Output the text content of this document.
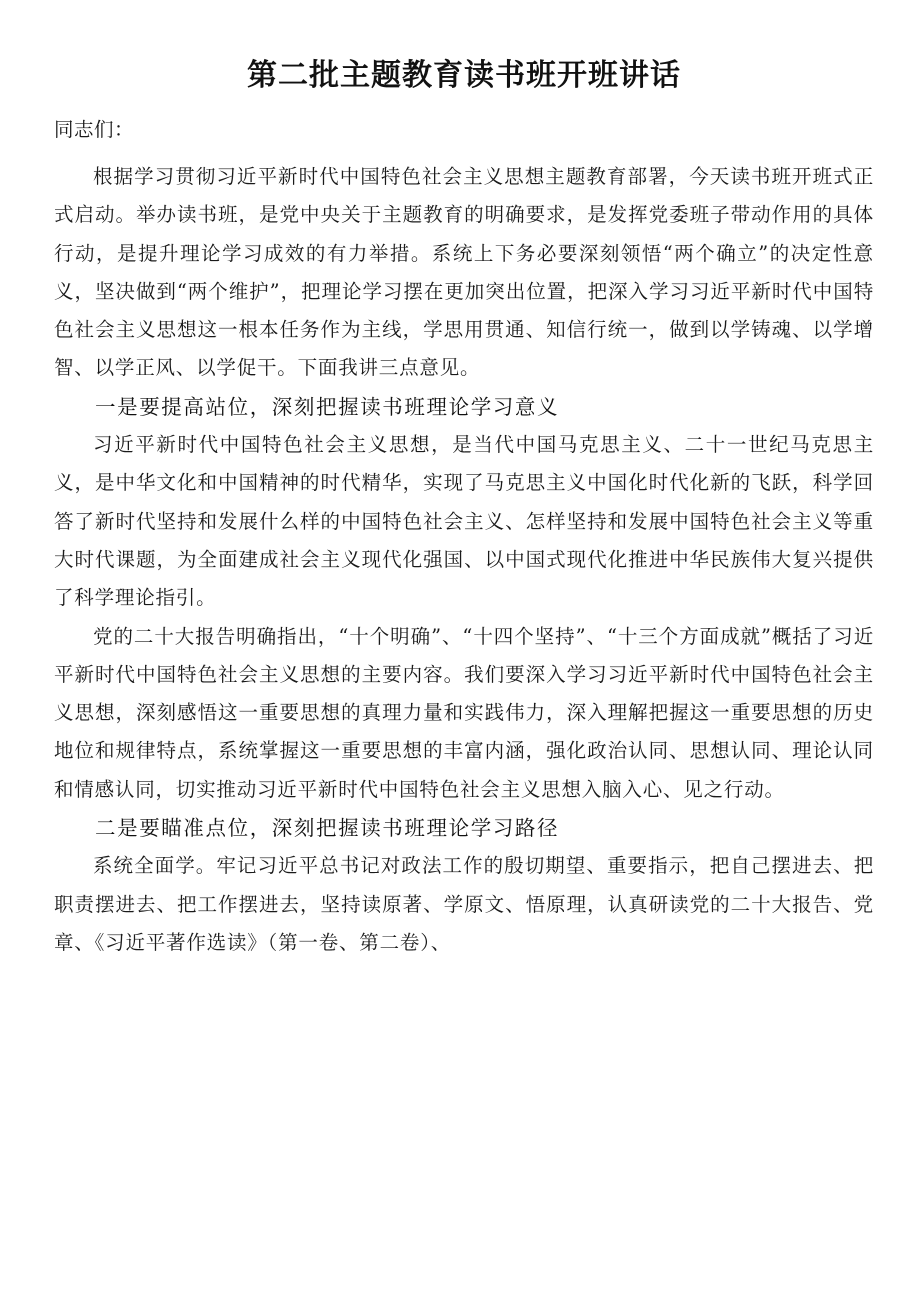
第二批主题教育读书班开班讲话
同志们：

根据学习贯彻习近平新时代中国特色社会主义思想主题教育部署，今天读书班开班式正式启动。举办读书班，是党中央关于主题教育的明确要求，是发挥党委班子带动作用的具体行动，是提升理论学习成效的有力举措。系统上下务必要深刻领悟“两个确立”的决定性意义，坚决做到“两个维护”，把理论学习摆在更加突出位置，把深入学习习近平新时代中国特色社会主义思想这一根本任务作为主线，学思用贯通、知信行统一，做到以学铸魂、以学增智、以学正风、以学促干。下面我讲三点意见。

一是要提高站位，深刻把握读书班理论学习意义

习近平新时代中国特色社会主义思想，是当代中国马克思主义、二十一世纪马克思主义，是中华文化和中国精神的时代精华，实现了马克思主义中国化时代化新的飞跃，科学回答了新时代坚持和发展什么样的中国特色社会主义、怎样坚持和发展中国特色社会主义等重大时代课题，为全面建成社会主义现代化强国、以中国式现代化推进中华民族伟大复兴提供了科学理论指引。

党的二十大报告明确指出，“十个明确”、“十四个坚持”、“十三个方面成就”概括了习近平新时代中国特色社会主义思想的主要内容。我们要深入学习习近平新时代中国特色社会主义思想，深刻感悟这一重要思想的真理力量和实践伟力，深入理解把握这一重要思想的历史地位和规律特点，系统掌握这一重要思想的丰富内涵，强化政治认同、思想认同、理论认同和情感认同，切实推动习近平新时代中国特色社会主义思想入脑入心、见之行动。

二是要瞄准点位，深刻把握读书班理论学习路径

系统全面学。牢记习近平总书记对政法工作的殷切期望、重要指示，把自己摆进去、把职责摆进去、把工作摆进去，坚持读原著、学原文、悟原理，认真研读党的二十大报告、党章、《习近平著作选读》（第一卷、第二卷）、
